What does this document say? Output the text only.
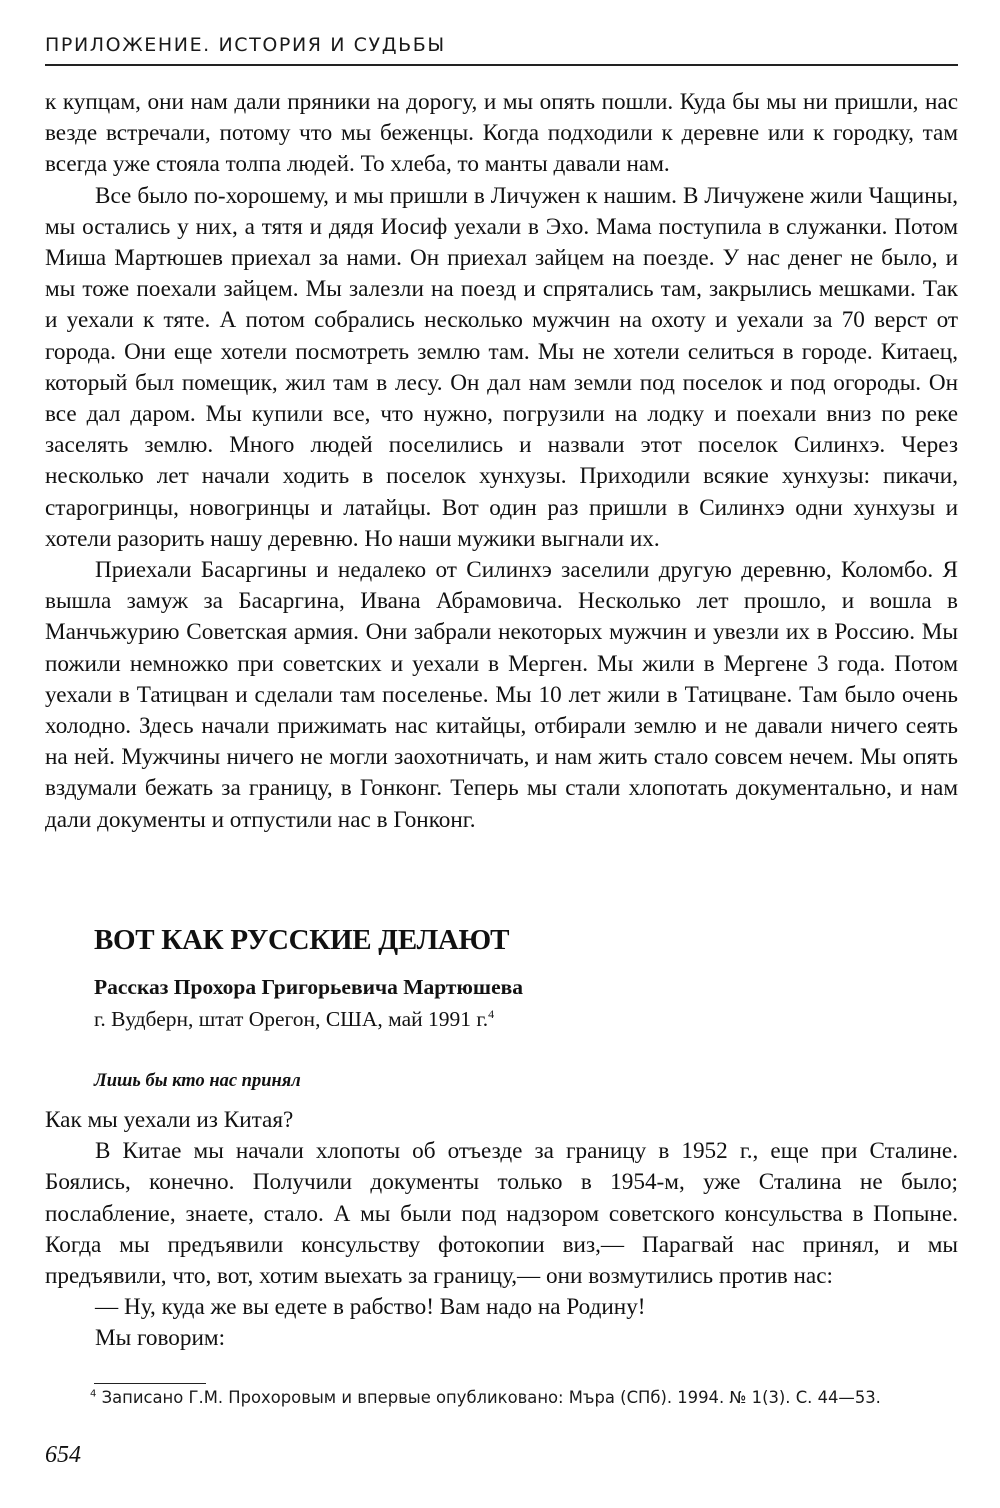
ПРИЛОЖЕНИЕ. ИСТОРИЯ И СУДЬБЫ

к купцам, они нам дали пряники на дорогу, и мы опять пошли. Куда бы мы ни пришли, нас везде встречали, потому что мы беженцы. Когда подходили к деревне или к городку, там всегда уже стояла толпа людей. То хлеба, то манты давали нам.

Все было по-хорошему, и мы пришли в Личужен к нашим. В Личужене жили Чащины, мы остались у них, а тятя и дядя Иосиф уехали в Эхо. Мама поступила в служанки. Потом Миша Мартюшев приехал за нами. Он приехал зайцем на поезде. У нас денег не было, и мы тоже поехали зайцем. Мы залезли на поезд и спрятались там, закрылись мешками. Так и уехали к тяте. А потом собрались несколько мужчин на охоту и уехали за 70 верст от города. Они еще хотели посмотреть землю там. Мы не хотели селиться в городе. Китаец, который был помещик, жил там в лесу. Он дал нам земли под поселок и под огороды. Он все дал даром. Мы купили все, что нужно, погрузили на лодку и поехали вниз по реке заселять землю. Много людей поселились и назвали этот поселок Силинхэ. Через несколько лет начали ходить в поселок хунхузы. Приходили всякие хунхузы: пикачи, старогринцы, новогринцы и латайцы. Вот один раз пришли в Силинхэ одни хунхузы и хотели разорить нашу деревню. Но наши мужики выгнали их.

Приехали Басаргины и недалеко от Силинхэ заселили другую деревню, Коломбо. Я вышла замуж за Басаргина, Ивана Абрамовича. Несколько лет прошло, и вошла в Манчьжурию Советская армия. Они забрали некоторых мужчин и увезли их в Россию. Мы пожили немножко при советских и уехали в Мерген. Мы жили в Мергене 3 года. Потом уехали в Татицван и сделали там поселенье. Мы 10 лет жили в Татицване. Там было очень холодно. Здесь начали прижимать нас китайцы, отбирали землю и не давали ничего сеять на ней. Мужчины ничего не могли заохотничать, и нам жить стало совсем нечем. Мы опять вздумали бежать за границу, в Гонконг. Теперь мы стали хлопотать документально, и нам дали документы и отпустили нас в Гонконг.

ВОТ КАК РУССКИЕ ДЕЛАЮТ
Рассказ Прохора Григорьевича Мартюшева
г. Вудберн, штат Орегон, США, май 1991 г.$^4$
Лишь бы кто нас принял

Как мы уехали из Китая?

В Китае мы начали хлопоты об отъезде за границу в 1952 г., еще при Сталине. Боялись, конечно. Получили документы только в 1954-м, уже Сталина не было; послабление, знаете, стало. А мы были под надзором советского консульства в Попыне. Когда мы предъявили консульству фотокопии виз,— Парагвай нас принял, и мы предъявили, что, вот, хотим выехать за границу,— они возмутились против нас:

— Ну, куда же вы едете в рабство! Вам надо на Родину!

Мы говорим:

$^4$ Записано Г.М. Прохоровым и впервые опубликовано: Мъра (СПб). 1994. № 1(3). С. 44—53.
654
